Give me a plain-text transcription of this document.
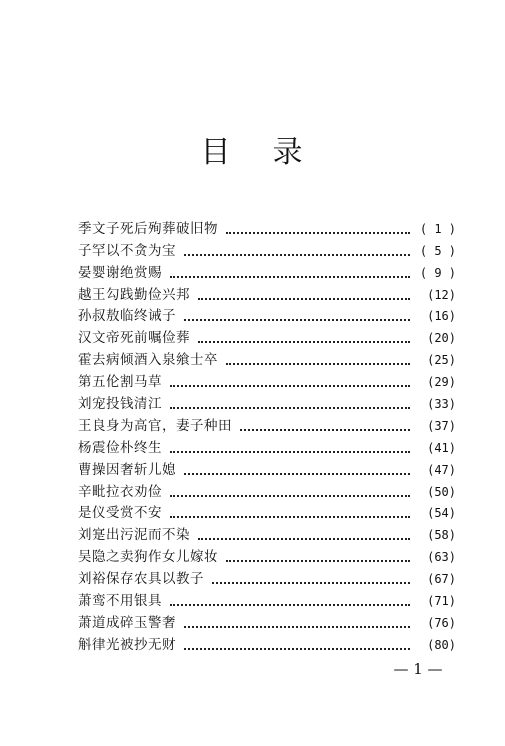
目 录
季文子死后殉葬破旧物	( 1 )
子罕以不贪为宝	( 5 )
晏婴谢绝赏赐	( 9 )
越王勾践勤俭兴邦	(12)
孙叔敖临终诫子	(16)
汉文帝死前嘱俭葬	(20)
霍去病倾酒入泉飨士卒	(25)
第五伦割马草	(29)
刘宠投钱清江	(33)
王良身为高官，妻子种田	(37)
杨震俭朴终生	(41)
曹操因奢斩儿媳	(47)
辛毗拉衣劝俭	(50)
是仪受赏不安	(54)
刘寔出污泥而不染	(58)
吴隐之卖狗作女儿嫁妆	(63)
刘裕保存农具以教子	(67)
萧鸾不用银具	(71)
萧道成碎玉警奢	(76)
斛律光被抄无财	(80)
— 1 —
